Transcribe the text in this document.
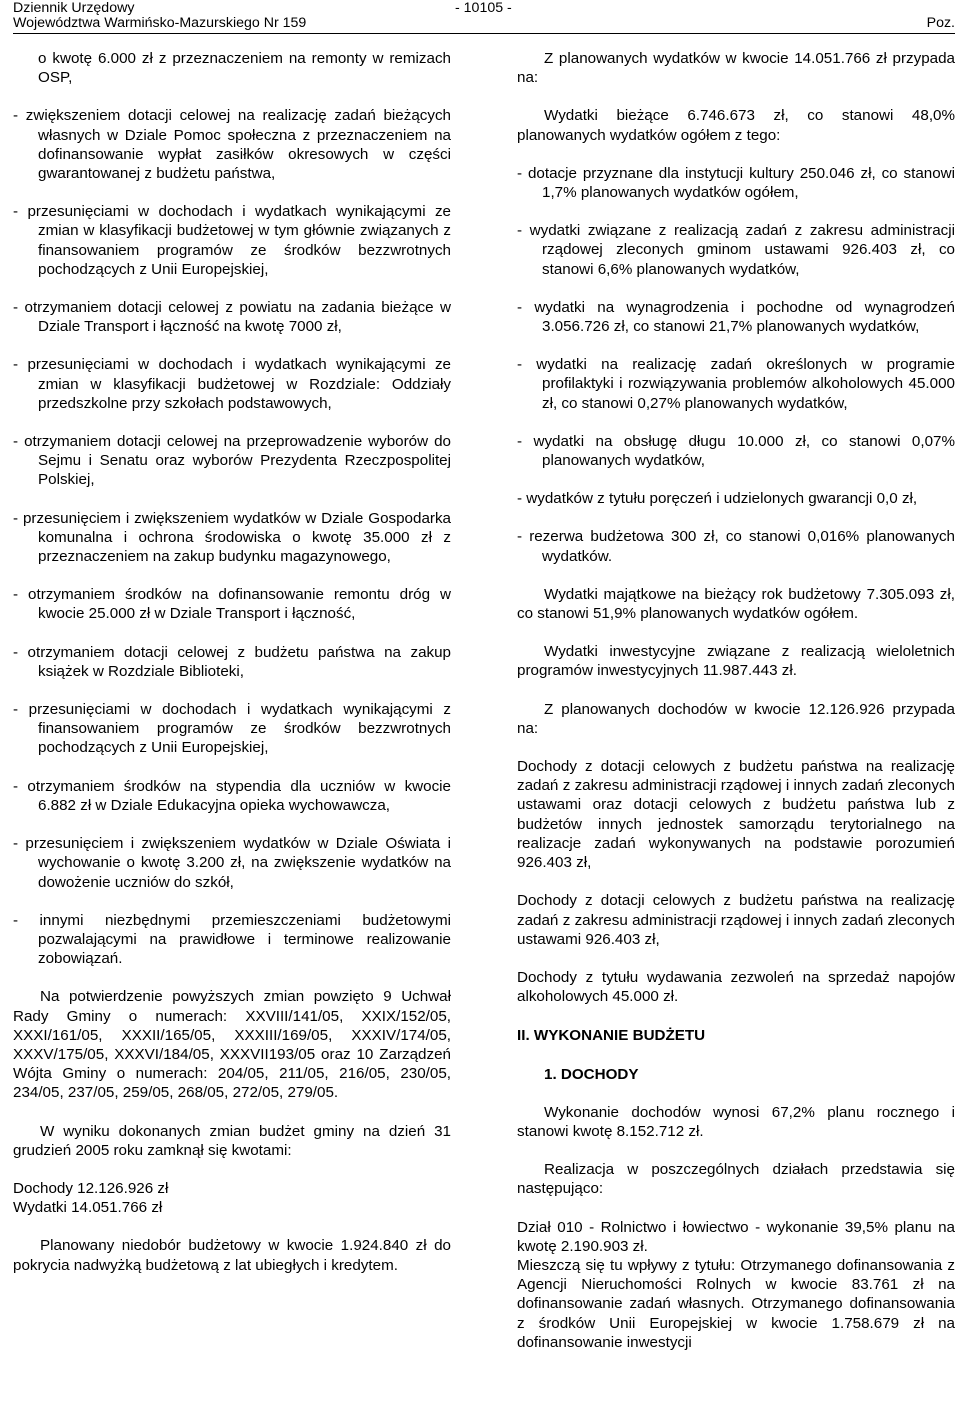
Dziennik Urzędowy
Województwa Warmińsko-Mazurskiego Nr 159
- 10105 -
Poz.

o kwotę 6.000 zł z przeznaczeniem na remonty w remizach OSP,

- zwiększeniem dotacji celowej na realizację zadań bieżących własnych w Dziale Pomoc społeczna z przeznaczeniem na dofinansowanie wypłat zasiłków okresowych w części gwarantowanej z budżetu państwa,

- przesunięciami w dochodach i wydatkach wynikającymi ze zmian w klasyfikacji budżetowej w tym głównie związanych z finansowaniem programów ze środków bezzwrotnych pochodzących z Unii Europejskiej,

- otrzymaniem dotacji celowej z powiatu na zadania bieżące w Dziale Transport i łączność na kwotę 7000 zł,

- przesunięciami w dochodach i wydatkach wynikającymi ze zmian w klasyfikacji budżetowej w Rozdziale: Oddziały przedszkolne przy szkołach podstawowych,

- otrzymaniem dotacji celowej na przeprowadzenie wyborów do Sejmu i Senatu oraz wyborów Prezydenta Rzeczpospolitej Polskiej,

- przesunięciem i zwiększeniem wydatków w Dziale Gospodarka komunalna i ochrona środowiska o kwotę 35.000 zł z przeznaczeniem na zakup budynku magazynowego,

- otrzymaniem środków na dofinansowanie remontu dróg w kwocie 25.000 zł w Dziale Transport i łączność,

- otrzymaniem dotacji celowej z budżetu państwa na zakup książek w Rozdziale Biblioteki,

- przesunięciami w dochodach i wydatkach wynikającymi z finansowaniem programów ze środków bezzwrotnych pochodzących z Unii Europejskiej,

- otrzymaniem środków na stypendia dla uczniów w kwocie 6.882 zł w Dziale Edukacyjna opieka wychowawcza,

- przesunięciem i zwiększeniem wydatków w Dziale Oświata i wychowanie o kwotę 3.200 zł, na zwiększenie wydatków na dowożenie uczniów do szkół,

- innymi niezbędnymi przemieszczeniami budżetowymi pozwalającymi na prawidłowe i terminowe realizowanie zobowiązań.

Na potwierdzenie powyższych zmian powzięto 9 Uchwał Rady Gminy o numerach: XXVIII/141/05, XXIX/152/05, XXXI/161/05, XXXII/165/05, XXXIII/169/05, XXXIV/174/05, XXXV/175/05, XXXVI/184/05, XXXVII193/05 oraz 10 Zarządzeń Wójta Gminy o numerach: 204/05, 211/05, 216/05, 230/05, 234/05, 237/05, 259/05, 268/05, 272/05, 279/05.

W wyniku dokonanych zmian budżet gminy na dzień 31 grudzień 2005 roku zamknął się kwotami:

Dochody 12.126.926 zł

Wydatki 14.051.766 zł

Planowany niedobór budżetowy w kwocie 1.924.840 zł do pokrycia nadwyżką budżetową z lat ubiegłych i kredytem.

Z planowanych wydatków w kwocie 14.051.766 zł przypada na:

Wydatki bieżące 6.746.673 zł, co stanowi 48,0% planowanych wydatków ogółem z tego:

- dotacje przyznane dla instytucji kultury 250.046 zł, co stanowi 1,7% planowanych wydatków ogółem,

- wydatki związane z realizacją zadań z zakresu administracji rządowej zleconych gminom ustawami 926.403 zł, co stanowi 6,6% planowanych wydatków,

- wydatki na wynagrodzenia i pochodne od wynagrodzeń 3.056.726 zł, co stanowi 21,7% planowanych wydatków,

- wydatki na realizację zadań określonych w programie profilaktyki i rozwiązywania problemów alkoholowych 45.000 zł, co stanowi 0,27% planowanych wydatków,

- wydatki na obsługę długu 10.000 zł, co stanowi 0,07% planowanych wydatków,

- wydatków z tytułu poręczeń i udzielonych gwarancji 0,0 zł,

- rezerwa budżetowa 300 zł, co stanowi 0,016% planowanych wydatków.

Wydatki majątkowe na bieżący rok budżetowy 7.305.093 zł, co stanowi 51,9% planowanych wydatków ogółem.

Wydatki inwestycyjne związane z realizacją wieloletnich programów inwestycyjnych 11.987.443 zł.

Z planowanych dochodów w kwocie 12.126.926 przypada na:

Dochody z dotacji celowych z budżetu państwa na realizację zadań z zakresu administracji rządowej i innych zadań zleconych ustawami oraz dotacji celowych z budżetu państwa lub z budżetów innych jednostek samorządu terytorialnego na realizacje zadań wykonywanych na podstawie porozumień 926.403 zł,

Dochody z dotacji celowych z budżetu państwa na realizację zadań z zakresu administracji rządowej i innych zadań zleconych ustawami 926.403 zł,

Dochody z tytułu wydawania zezwoleń na sprzedaż napojów alkoholowych 45.000 zł.

II. WYKONANIE BUDŻETU

1. DOCHODY

Wykonanie dochodów wynosi 67,2% planu rocznego i stanowi kwotę 8.152.712 zł.

Realizacja w poszczególnych działach przedstawia się następująco:

Dział 010 - Rolnictwo i łowiectwo - wykonanie 39,5% planu na kwotę 2.190.903 zł.

Mieszczą się tu wpływy z tytułu: Otrzymanego dofinansowania z Agencji Nieruchomości Rolnych w kwocie 83.761 zł na dofinansowanie zadań własnych. Otrzymanego dofinansowania z środków Unii Europejskiej w kwocie 1.758.679 zł na dofinansowanie inwestycji
